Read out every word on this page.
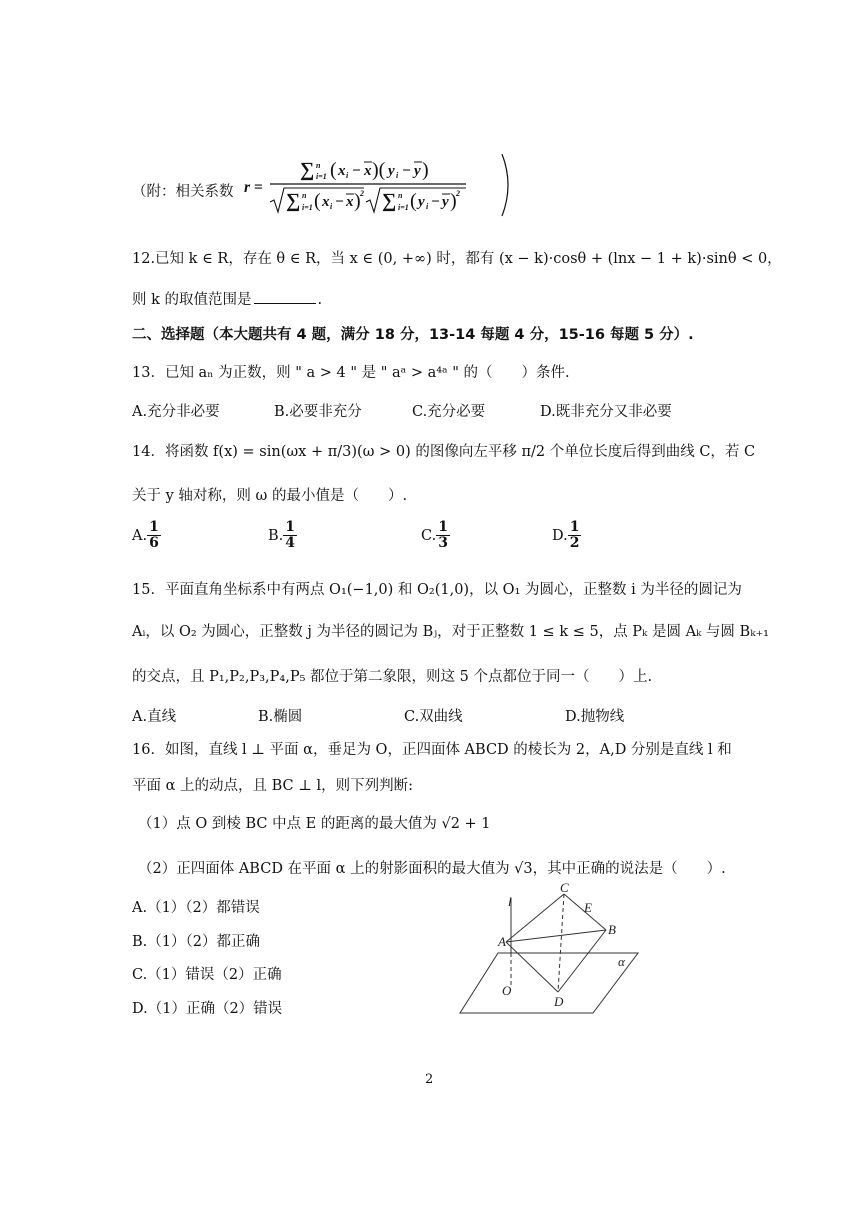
（附：相关系数 r =
∑ n
i=1 ( x i − x )( y i − y )
∑ n
i=1 ( x i − x ) 2 ∑ n
i=1 ( y i − y ) 2
12.已知 k ∈ R，存在 θ ∈ R，当 x ∈ (0, +∞) 时，都有 (x − k)·cosθ + (lnx − 1 + k)·sinθ < 0，
则 k 的取值范围是	.
二、选择题（本大题共有 4 题，满分 18 分，13-14 每题 4 分，15-16 每题 5 分）.
13．已知 aₙ 为正数，则 " a > 4 " 是 " aᵃ > a⁴ᵃ " 的（　　）条件.
A.充分非必要	B.必要非充分	C.充分必要	D.既非充分又非必要
14．将函数 f(x) = sin(ωx + π/3)(ω > 0) 的图像向左平移 π/2 个单位长度后得到曲线 C，若 C
关于 y 轴对称，则 ω 的最小值是（　　）.
A. $\frac{1}{6}$	B. $\frac{1}{4}$	C. $\frac{1}{3}$	D. $\frac{1}{2}$
15．平面直角坐标系中有两点 O₁(−1,0) 和 O₂(1,0)，以 O₁ 为圆心，正整数 i 为半径的圆记为
Aᵢ，以 O₂ 为圆心，正整数 j 为半径的圆记为 Bⱼ，对于正整数 1 ≤ k ≤ 5，点 Pₖ 是圆 Aₖ 与圆 Bₖ₊₁
的交点，且 P₁,P₂,P₃,P₄,P₅ 都位于第二象限，则这 5 个点都位于同一（　　）上.
A.直线	B.椭圆	C.双曲线	D.抛物线
16．如图，直线 l ⊥ 平面 α，垂足为 O，正四面体 ABCD 的棱长为 2，A,D 分别是直线 l 和
平面 α 上的动点，且 BC ⊥ l，则下列判断:
（1）点 O 到棱 BC 中点 E 的距离的最大值为 √2 + 1
（2）正四面体 ABCD 在平面 α 上的射影面积的最大值为 √3，其中正确的说法是（　　）.
A.（1）（2）都错误
B.（1）（2）都正确
C.（1）错误（2）正确
D.（1）正确（2）错误
l
C
E
A
B
α
O
D
2
